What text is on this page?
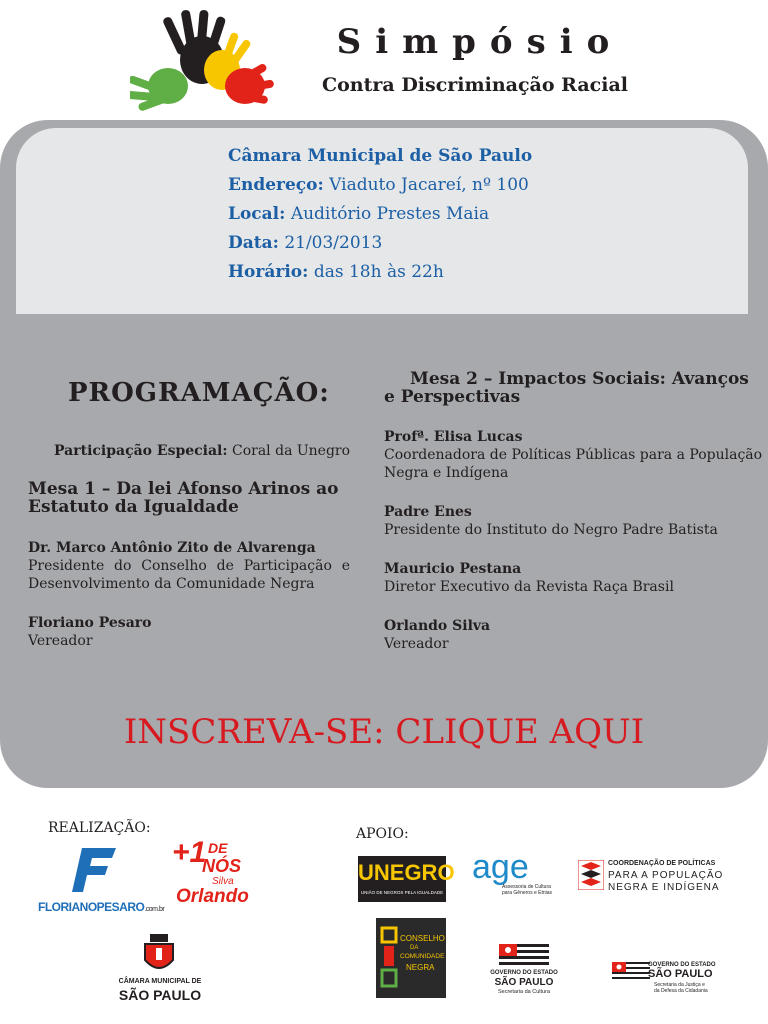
Simpósio
Contra Discriminação Racial
Câmara Municipal de São Paulo
Endereço: Viaduto Jacareí, nº 100
Local: Auditório Prestes Maia
Data: 21/03/2013
Horário: das 18h às 22h
PROGRAMAÇÃO:
Participação Especial: Coral da Unegro
Mesa 1 – Da lei Afonso Arinos ao
Estatuto da Igualdade
Dr. Marco Antônio Zito de Alvarenga
Presidente do Conselho de Participação e
Desenvolvimento da Comunidade Negra
Floriano Pesaro
Vereador
Mesa 2 – Impactos Sociais: Avanços
e Perspectivas
Profª. Elisa Lucas
Coordenadora de Políticas Públicas para a População
Negra e Indígena
Padre Enes
Presidente do Instituto do Negro Padre Batista
Mauricio Pestana
Diretor Executivo da Revista Raça Brasil
Orlando Silva
Vereador
INSCREVA-SE: CLIQUE AQUI
REALIZAÇÃO:	APOIO:
FLORIANOPESARO.com.br
+1 DE
NÓS
Silva
Orlando
CÂMARA MUNICIPAL DE
SÃO PAULO
UNEGRO
UNIÃO DE NEGROS PELA IGUALDADE
age
Assessoria de Cultura
para Gêneros e Etnias
COORDENAÇÃO DE POLÍTICAS
PARA A POPULAÇÃO
NEGRA E INDÍGENA
CONSELHO
DA
COMUNIDADE
NEGRA
GOVERNO DO ESTADO
SÃO PAULO
Secretaria da Cultura
GOVERNO DO ESTADO
SÃO PAULO
Secretaria da Justiça e
da Defesa da Cidadania
